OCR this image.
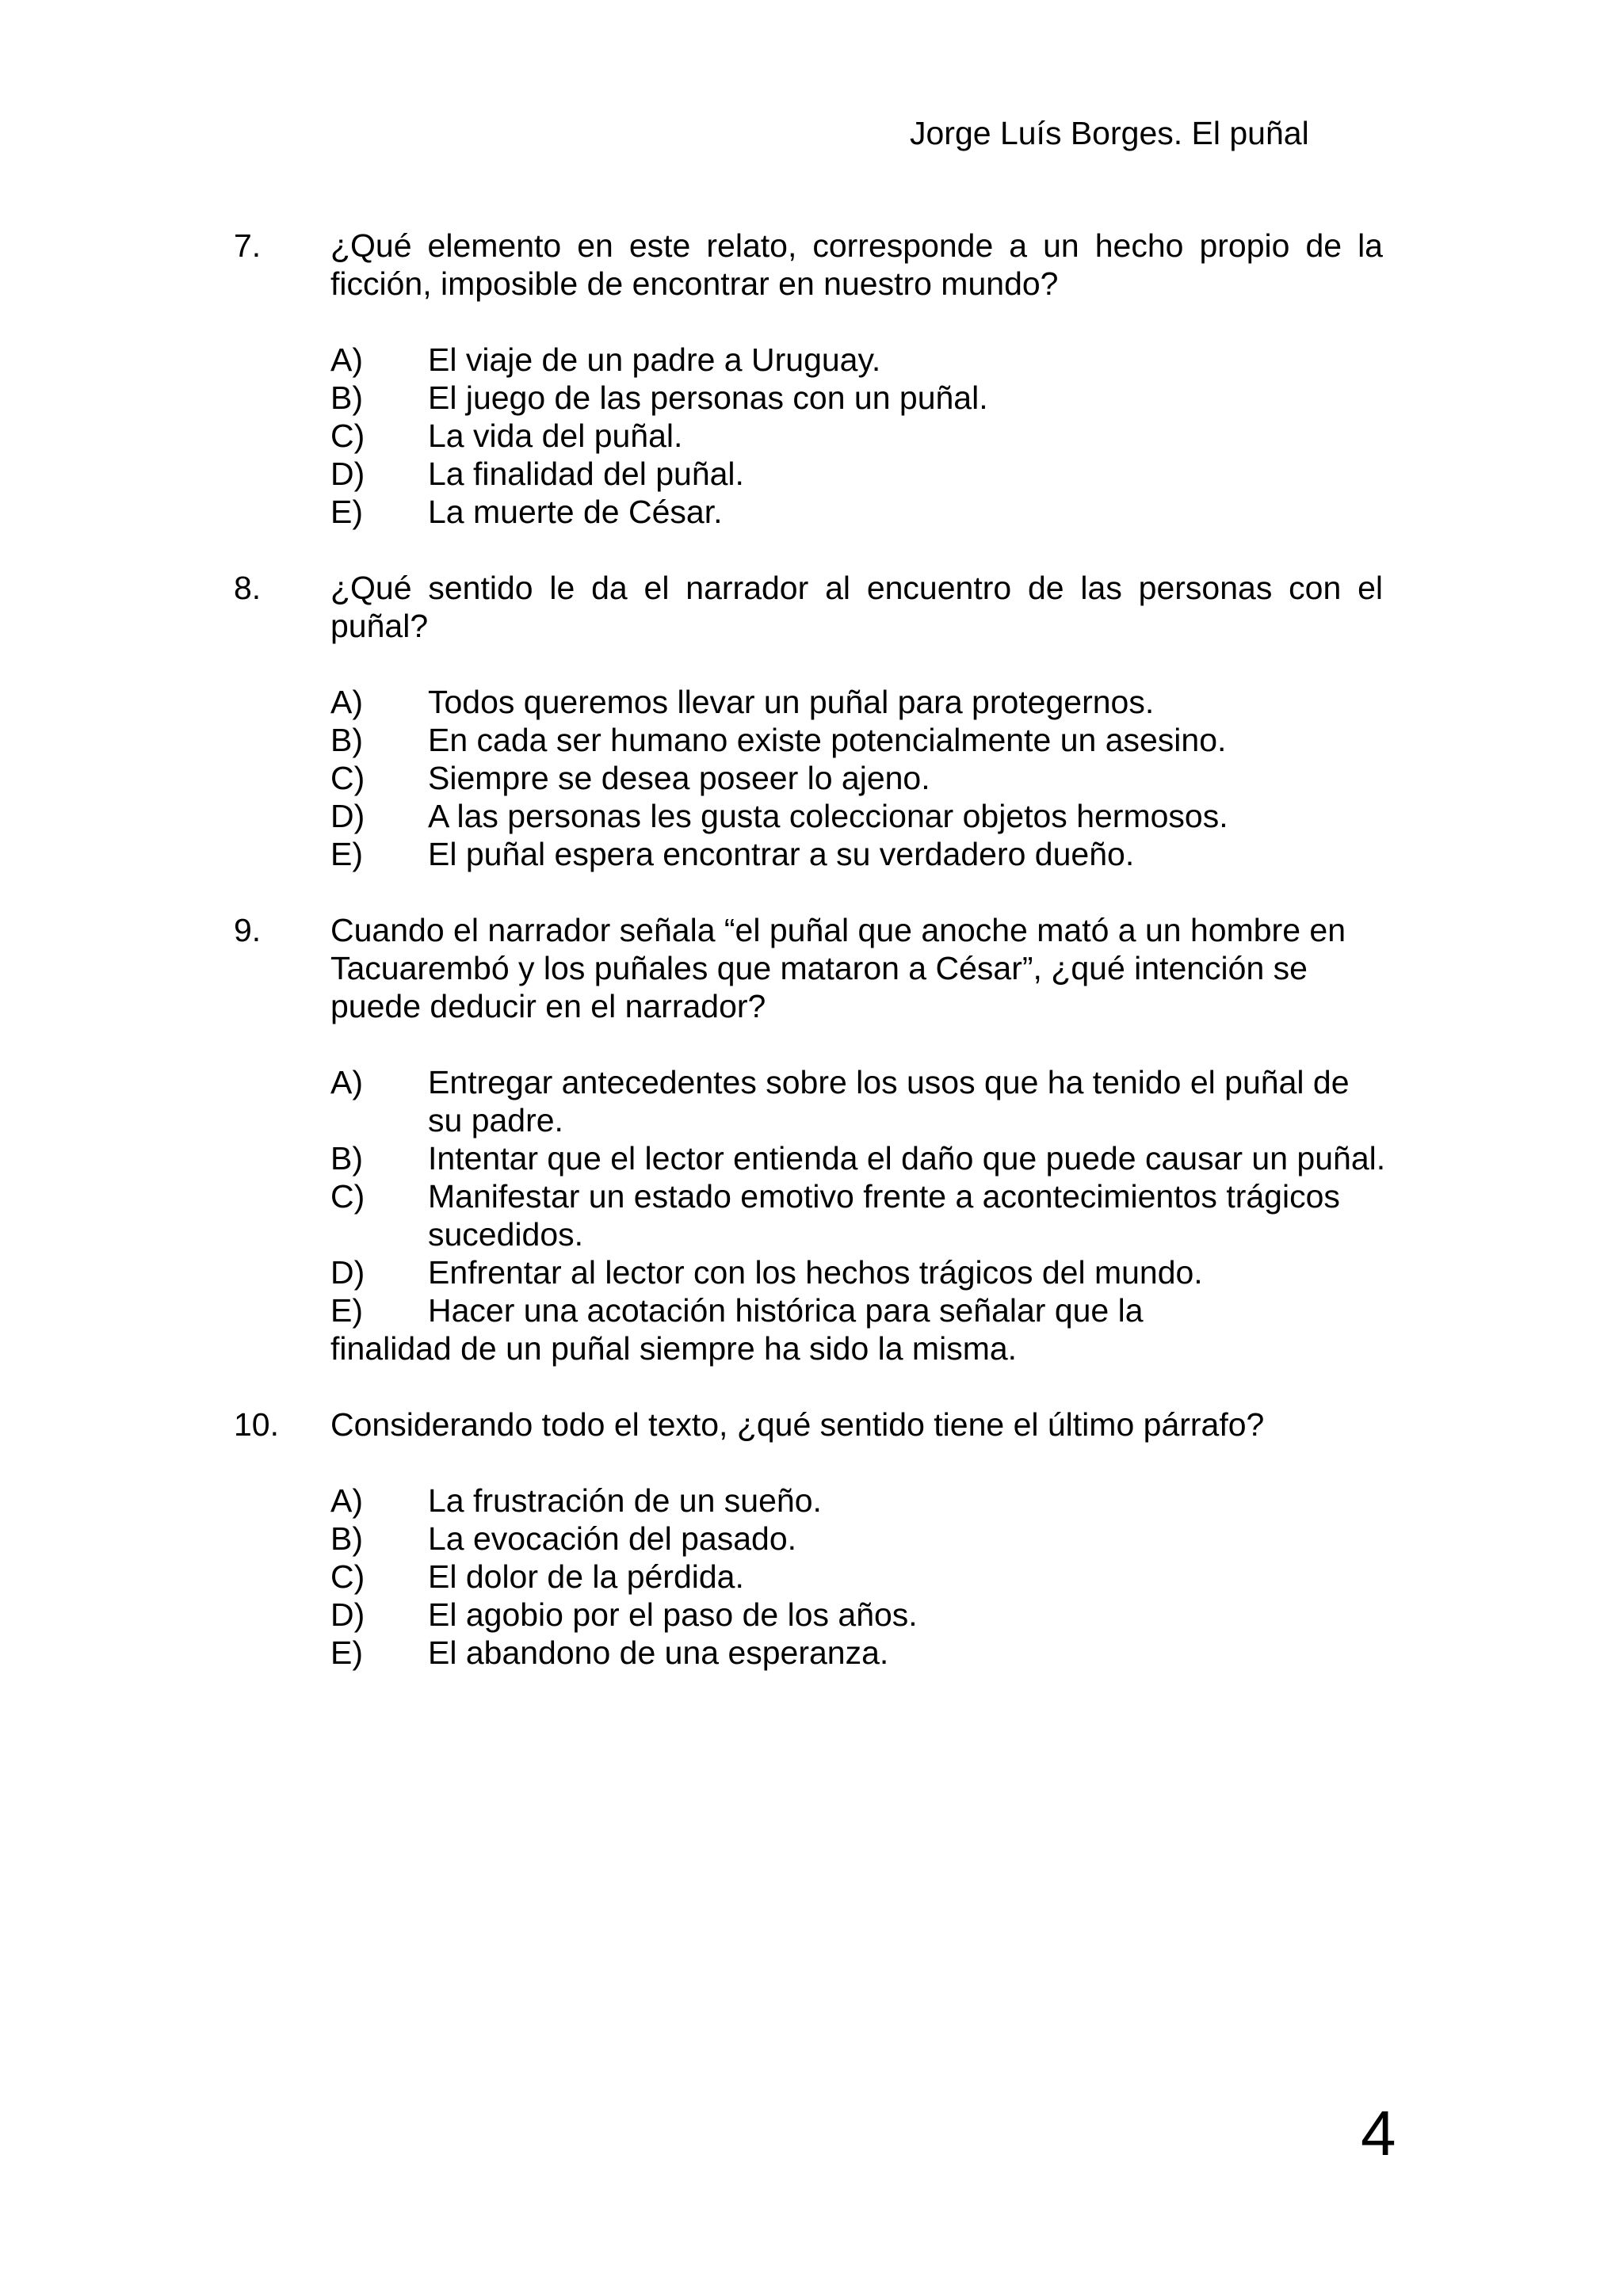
Jorge Luís Borges. El puñal
7. ¿Qué elemento en este relato, corresponde a un hecho propio de la ficción, imposible de encontrar en nuestro mundo?
A) El viaje de un padre a Uruguay.
B) El juego de las personas con un puñal.
C) La vida del puñal.
D) La finalidad del puñal.
E) La muerte de César.
8. ¿Qué sentido le da el narrador al encuentro de las personas con el puñal?
A) Todos queremos llevar un puñal para protegernos.
B) En cada ser humano existe potencialmente un asesino.
C) Siempre se desea poseer lo ajeno.
D) A las personas les gusta coleccionar objetos hermosos.
E) El puñal espera encontrar a su verdadero dueño.
9. Cuando el narrador señala “el puñal que anoche mató a un hombre en Tacuarembó y los puñales que mataron a César”, ¿qué intención se puede deducir en el narrador?
A) Entregar antecedentes sobre los usos que ha tenido el puñal de su padre.
B) Intentar que el lector entienda el daño que puede causar un puñal.
C) Manifestar un estado emotivo frente a acontecimientos trágicos sucedidos.
D) Enfrentar al lector con los hechos trágicos del mundo.
E) Hacer una acotación histórica para señalar que la finalidad de un puñal siempre ha sido la misma.
10. Considerando todo el texto, ¿qué sentido tiene el último párrafo?
A) La frustración de un sueño.
B) La evocación del pasado.
C) El dolor de la pérdida.
D) El agobio por el paso de los años.
E) El abandono de una esperanza.
4
